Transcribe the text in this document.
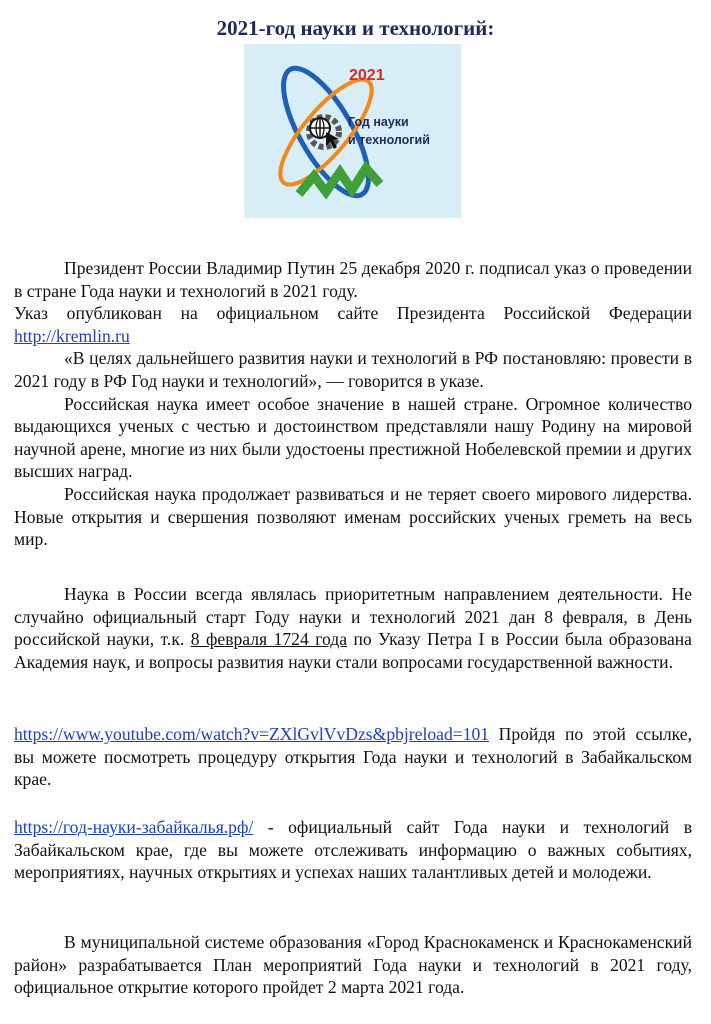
2021-год науки и технологий:
2021
Год науки
и технологий

Президент России Владимир Путин 25 декабря 2020 г. подписал указ о проведении в стране Года науки и технологий в 2021 году.

Указ опубликован на официальном сайте Президента Российской Федерации http://kremlin.ru

«В целях дальнейшего развития науки и технологий в РФ постановляю: провести в 2021 году в РФ Год науки и технологий», — говорится в указе.

Российская наука имеет особое значение в нашей стране. Огромное количество выдающихся ученых с честью и достоинством представляли нашу Родину на мировой научной арене, многие из них были удостоены престижной Нобелевской премии и других высших наград.

Российская наука продолжает развиваться и не теряет своего мирового лидерства. Новые открытия и свершения позволяют именам российских ученых греметь на весь мир.

Наука в России всегда являлась приоритетным направлением деятельности. Не случайно официальный старт Году науки и технологий 2021 дан 8 февраля, в День российской науки, т.к. 8 февраля 1724 года по Указу Петра I в России была образована Академия наук, и вопросы развития науки стали вопросами государственной важности.

https://www.youtube.com/watch?v=ZXlGvlVvDzs&pbjreload=101 Пройдя по этой ссылке, вы можете посмотреть процедуру открытия Года науки и технологий в Забайкальском крае.

https://год-науки-забайкалья.рф/ - официальный сайт Года науки и технологий в Забайкальском крае, где вы можете отслеживать информацию о важных событиях, мероприятиях, научных открытиях и успехах наших талантливых детей и молодежи.

В муниципальной системе образования «Город Краснокаменск и Краснокаменский район» разрабатывается План мероприятий Года науки и технологий в 2021 году, официальное открытие которого пройдет 2 марта 2021 года.
